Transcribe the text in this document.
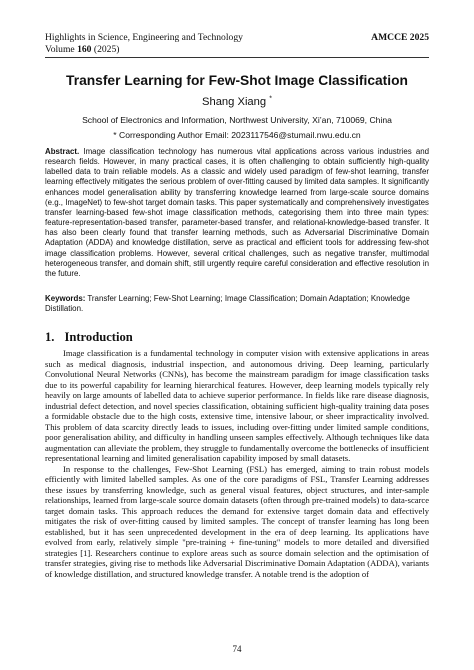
Highlights in Science, Engineering and Technology	AMCCE 2025
Volume 160 (2025)
Transfer Learning for Few-Shot Image Classification
Shang Xiang *
School of Electronics and Information, Northwest University, Xi’an, 710069, China
* Corresponding Author Email: 2023117546@stumail.nwu.edu.cn
Abstract. Image classification technology has numerous vital applications across various industries and research fields. However, in many practical cases, it is often challenging to obtain sufficiently high-quality labelled data to train reliable models. As a classic and widely used paradigm of few-shot learning, transfer learning effectively mitigates the serious problem of over-fitting caused by limited data samples. It significantly enhances model generalisation ability by transferring knowledge learned from large-scale source domains (e.g., ImageNet) to few-shot target domain tasks. This paper systematically and comprehensively investigates transfer learning-based few-shot image classification methods, categorising them into three main types: feature-representation-based transfer, parameter-based transfer, and relational-knowledge-based transfer. It has also been clearly found that transfer learning methods, such as Adversarial Discriminative Domain Adaptation (ADDA) and knowledge distillation, serve as practical and efficient tools for addressing few-shot image classification problems. However, several critical challenges, such as negative transfer, multimodal heterogeneous transfer, and domain shift, still urgently require careful consideration and effective resolution in the future.
Keywords: Transfer Learning; Few-Shot Learning; Image Classification; Domain Adaptation; Knowledge Distillation.
1. Introduction

Image classification is a fundamental technology in computer vision with extensive applications in areas such as medical diagnosis, industrial inspection, and autonomous driving. Deep learning, particularly Convolutional Neural Networks (CNNs), has become the mainstream paradigm for image classification tasks due to its powerful capability for learning hierarchical features. However, deep learning models typically rely heavily on large amounts of labelled data to achieve superior performance. In fields like rare disease diagnosis, industrial defect detection, and novel species classification, obtaining sufficient high-quality training data poses a formidable obstacle due to the high costs, extensive time, intensive labour, or sheer impracticality involved. This problem of data scarcity directly leads to issues, including over-fitting under limited sample conditions, poor generalisation ability, and difficulty in handling unseen samples effectively. Although techniques like data augmentation can alleviate the problem, they struggle to fundamentally overcome the bottlenecks of insufficient representational learning and limited generalisation capability imposed by small datasets.

In response to the challenges, Few-Shot Learning (FSL) has emerged, aiming to train robust models efficiently with limited labelled samples. As one of the core paradigms of FSL, Transfer Learning addresses these issues by transferring knowledge, such as general visual features, object structures, and inter-sample relationships, learned from large-scale source domain datasets (often through pre-trained models) to data-scarce target domain tasks. This approach reduces the demand for extensive target domain data and effectively mitigates the risk of over-fitting caused by limited samples. The concept of transfer learning has long been established, but it has seen unprecedented development in the era of deep learning. Its applications have evolved from early, relatively simple "pre-training + fine-tuning" models to more detailed and diversified strategies [1]. Researchers continue to explore areas such as source domain selection and the optimisation of transfer strategies, giving rise to methods like Adversarial Discriminative Domain Adaptation (ADDA), variants of knowledge distillation, and structured knowledge transfer. A notable trend is the adoption of

74
